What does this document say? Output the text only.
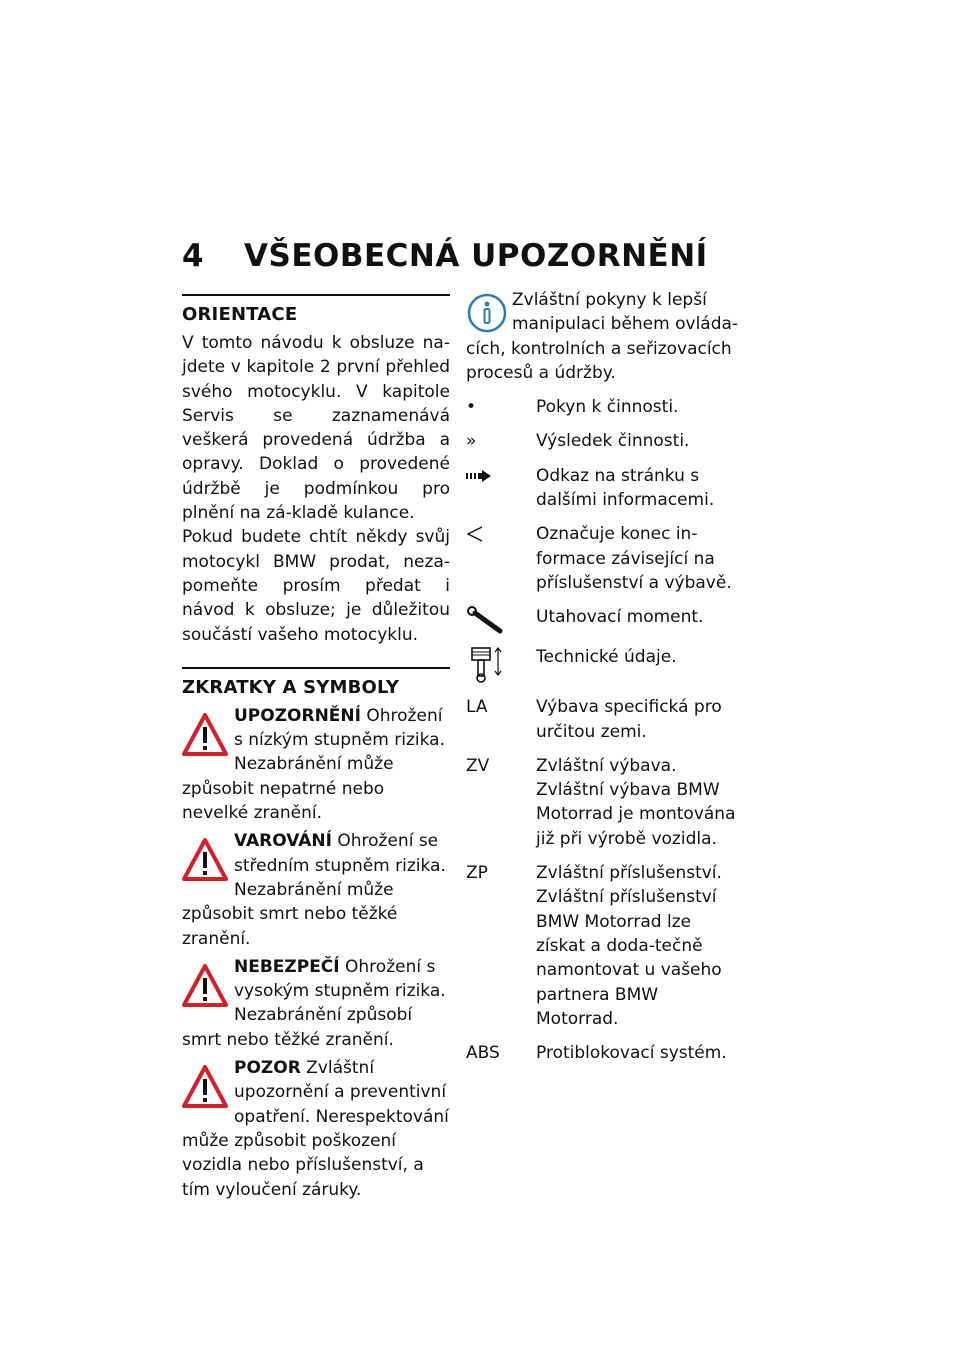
4 VŠEOBECNÁ UPOZORNĚNÍ
ORIENTACE

V tomto návodu k obsluze na-jdete v kapitole 2 první přehled svého motocyklu. V kapitole Servis se zaznamenává veškerá provedená údržba a opravy. Doklad o provedené údržbě je podmínkou pro plnění na zá-kladě kulance.

Pokud budete chtít někdy svůj motocykl BMW prodat, neza-pomeňte prosím předat i návod k obsluze; je důležitou součástí vašeho motocyklu.

ZKRATKY A SYMBOLY
UPOZORNĚNÍ Ohrožení s nízkým stupněm rizika. Nezabránění může způsobit nepatrné nebo nevelké zranění.
VAROVÁNÍ Ohrožení se středním stupněm rizika. Nezabránění může způsobit smrt nebo těžké zranění.
NEBEZPEČÍ Ohrožení s vysokým stupněm rizika. Nezabránění způsobí smrt nebo těžké zranění.
POZOR Zvláštní upozornění a preventivní opatření. Nerespektování může způsobit poškození vozidla nebo příslušenství, a tím vyloučení záruky.
Zvláštní pokyny k lepší manipulaci během ovláda-cích, kontrolních a seřizovacích procesů a údržby.
•	Pokyn k činnosti.
»	Výsledek činnosti.
Odkaz na stránku s dalšími informacemi.
Označuje konec in-formace závisející na příslušenství a výbavě.
Utahovací moment.
Technické údaje.
LA	Výbava specifická pro určitou zemi.
ZV	Zvláštní výbava. Zvláštní výbava BMW Motorrad je montována již při výrobě vozidla.
ZP	Zvláštní příslušenství. Zvláštní příslušenství BMW Motorrad lze získat a doda-tečně namontovat u vašeho partnera BMW Motorrad.
ABS	Protiblokovací systém.
